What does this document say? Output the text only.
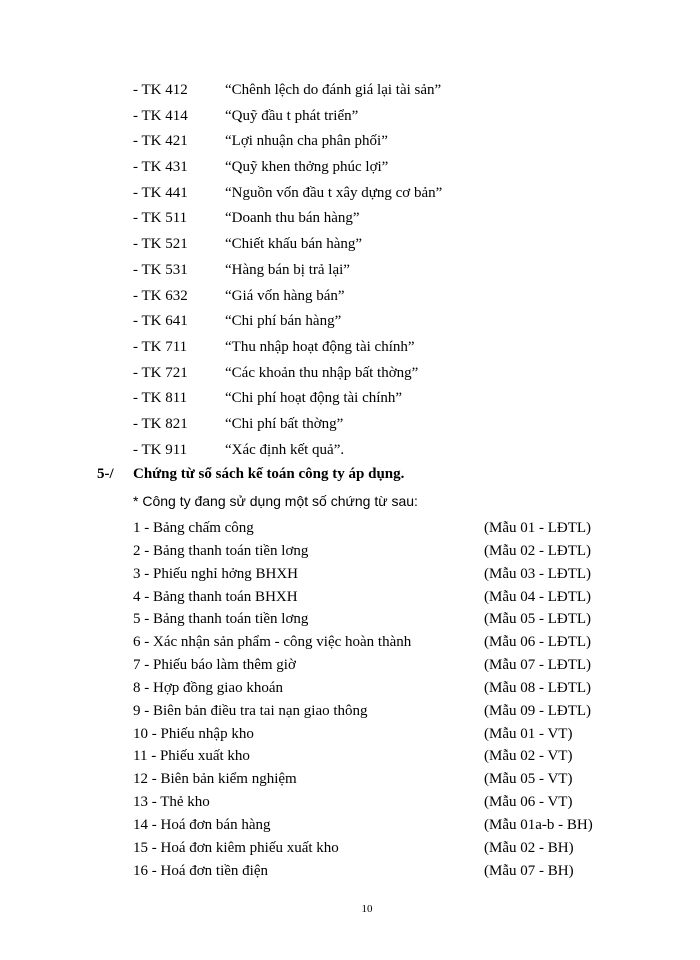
- TK 412 “Chênh lệch do đánh giá lại tài sản”
- TK 414 “Quỹ đầu t phát triển”
- TK 421 “Lợi nhuận cha phân phối”
- TK 431 “Quỹ khen thởng phúc lợi”
- TK 441 “Nguồn vốn đầu t xây dựng cơ bản”
- TK 511	“Doanh thu bán hàng”
- TK 521 “Chiết khấu bán hàng”
- TK 531 “Hàng bán bị trả lại”
- TK 632 “Giá vốn hàng bán”
- TK 641 “Chi phí bán hàng”
- TK 711	“Thu nhập hoạt động tài chính”
- TK 721 “Các khoản thu nhập bất thờng”
- TK 811	“Chi phí hoạt động tài chính”
- TK 821 “Chi phí bất thờng”
- TK 911	“Xác định kết quả”.
5-/ Chứng từ sổ sách kế toán công ty áp dụng.
* Công ty đang sử dụng một số chứng từ sau:
1 - Bảng chấm công	(Mẫu 01 - LĐTL)
2 - Bảng thanh toán tiền lơng	(Mẫu 02 - LĐTL)
3 - Phiếu nghỉ hởng BHXH	(Mẫu 03 - LĐTL)
4 - Bảng thanh toán BHXH	(Mẫu 04 - LĐTL)
5 - Bảng thanh toán tiền lơng	(Mẫu 05 - LĐTL)
6 - Xác nhận sản phẩm - công việc hoàn thành	(Mẫu 06 - LĐTL)
7 - Phiếu báo làm thêm giờ	(Mẫu 07 - LĐTL)
8 - Hợp đồng giao khoán	(Mẫu 08 - LĐTL)
9 - Biên bản điều tra tai nạn giao thông	(Mẫu 09 - LĐTL)
10 - Phiếu nhập kho	(Mẫu 01 - VT)
11 - Phiếu xuất kho	(Mẫu 02 - VT)
12 - Biên bản kiểm nghiệm	(Mẫu 05 - VT)
13 - Thẻ kho	(Mẫu 06 - VT)
14 - Hoá đơn bán hàng	(Mẫu 01a-b - BH)
15 - Hoá đơn kiêm phiếu xuất kho	(Mẫu 02 - BH)
16 - Hoá đơn tiền điện	(Mẫu 07 - BH)
10
